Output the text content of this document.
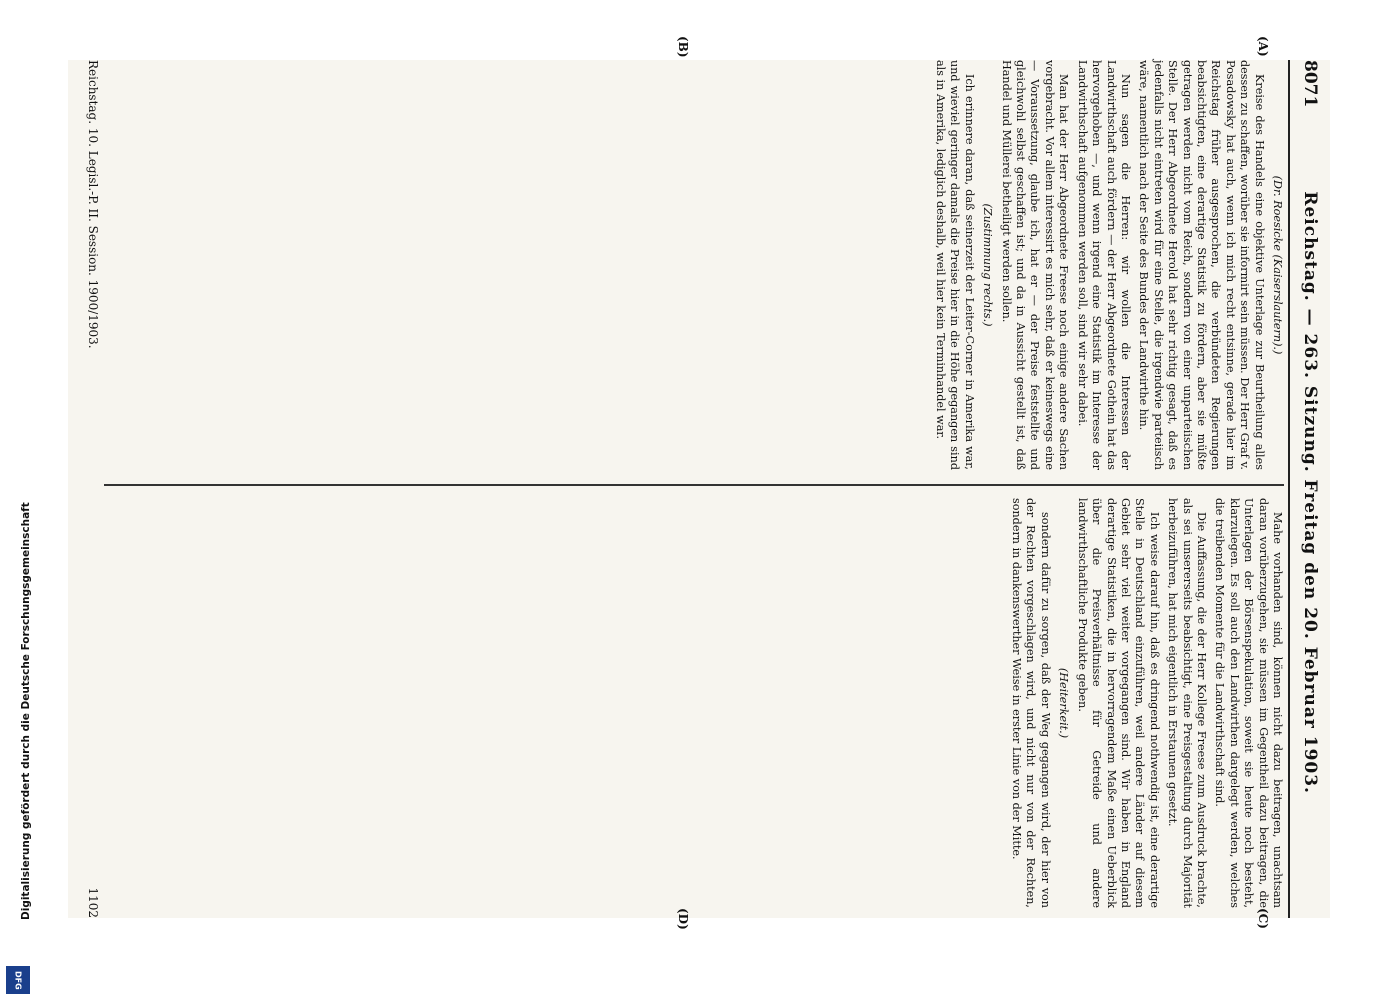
8071
Reichstag. — 263. Sitzung. Freitag den 20. Februar 1903.
(A)
(B)
(C)
(D)

(Dr. Roesicke (Kaiserslautern).)

Kreise des Handels eine objektive Unterlage zur Beurtheilung alles dessen zu schaffen, worüber sie informirt sein müssen. Der Herr Graf v. Posadowsky hat auch, wenn ich mich recht entsinne, gerade hier im Reichstag früher ausgesprochen, die verbündeten Regierungen beabsichtigten, eine derartige Statistik zu fördern, aber sie müßte getragen werden nicht vom Reich, sondern von einer unparteiischen Stelle. Der Herr Abgeordnete Herold hat sehr richtig gesagt, daß es jedenfalls nicht eintreten wird für eine Stelle, die irgendwie parteiisch wäre, namentlich nach der Seite des Bundes der Landwirthe hin.

Nun sagen die Herren: wir wollen die Interessen der Landwirthschaft auch fördern — der Herr Abgeordnete Gothein hat das hervorgehoben —, und wenn irgend eine Statistik im Interesse der Landwirthschaft aufgenommen werden soll, sind wir sehr dabei.

Man hat der Herr Abgeordnete Freese noch einige andere Sachen vorgebracht. Vor allem interessirt es mich sehr, daß er keineswegs eine — Voraussetzung, glaube ich, hat er — der Preise feststellte und gleichwohl selbst geschaffen ist; und da in Aussicht gestellt ist, daß Handel und Müllerei betheiligt werden sollen.

(Zustimmung rechts.)

Ich erinnere daran, daß seinerzeit der Leiter-Corner in Amerika war, und wieviel geringer damals die Preise hier in die Höhe gegangen sind als in Amerika, lediglich deshalb, weil hier kein Terminhandel war.

Mahe vorhanden sind, können nicht dazu beitragen, unachtsam daran vorüberzugehen, sie müssen im Gegentheil dazu beitragen, die Unterlagen der Börsenspekulation, soweit sie heute noch besteht, klarzulegen. Es soll auch den Landwirthen dargelegt werden, welches die treibenden Momente für die Landwirthschaft sind.

Die Auffassung, die der Herr Kollege Freese zum Ausdruck brachte, als sei unsererseits beabsichtigt, eine Preisgestaltung durch Majorität herbeizuführen, hat mich eigentlich in Erstaunen gesetzt.

Ich weise darauf hin, daß es dringend nothwendig ist, eine derartige Stelle in Deutschland einzuführen, weil andere Länder auf diesem Gebiet sehr viel weiter vorgegangen sind. Wir haben in England derartige Statistiken, die in hervorragendem Maße einen Ueberblick über die Preisverhältnisse für Getreide und andere landwirthschaftliche Produkte geben.

(Heiterkeit.)

sondern dafür zu sorgen, daß der Weg gegangen wird, der hier von der Rechten vorgeschlagen wird, und nicht nur von der Rechten, sondern in dankenswerther Weise in erster Linie von der Mitte.

Reichstag. 10. Legisl.-P. II. Session. 1900/1903.
1102
Digitalisierung gefördert durch die Deutsche Forschungsgemeinschaft
DFG
